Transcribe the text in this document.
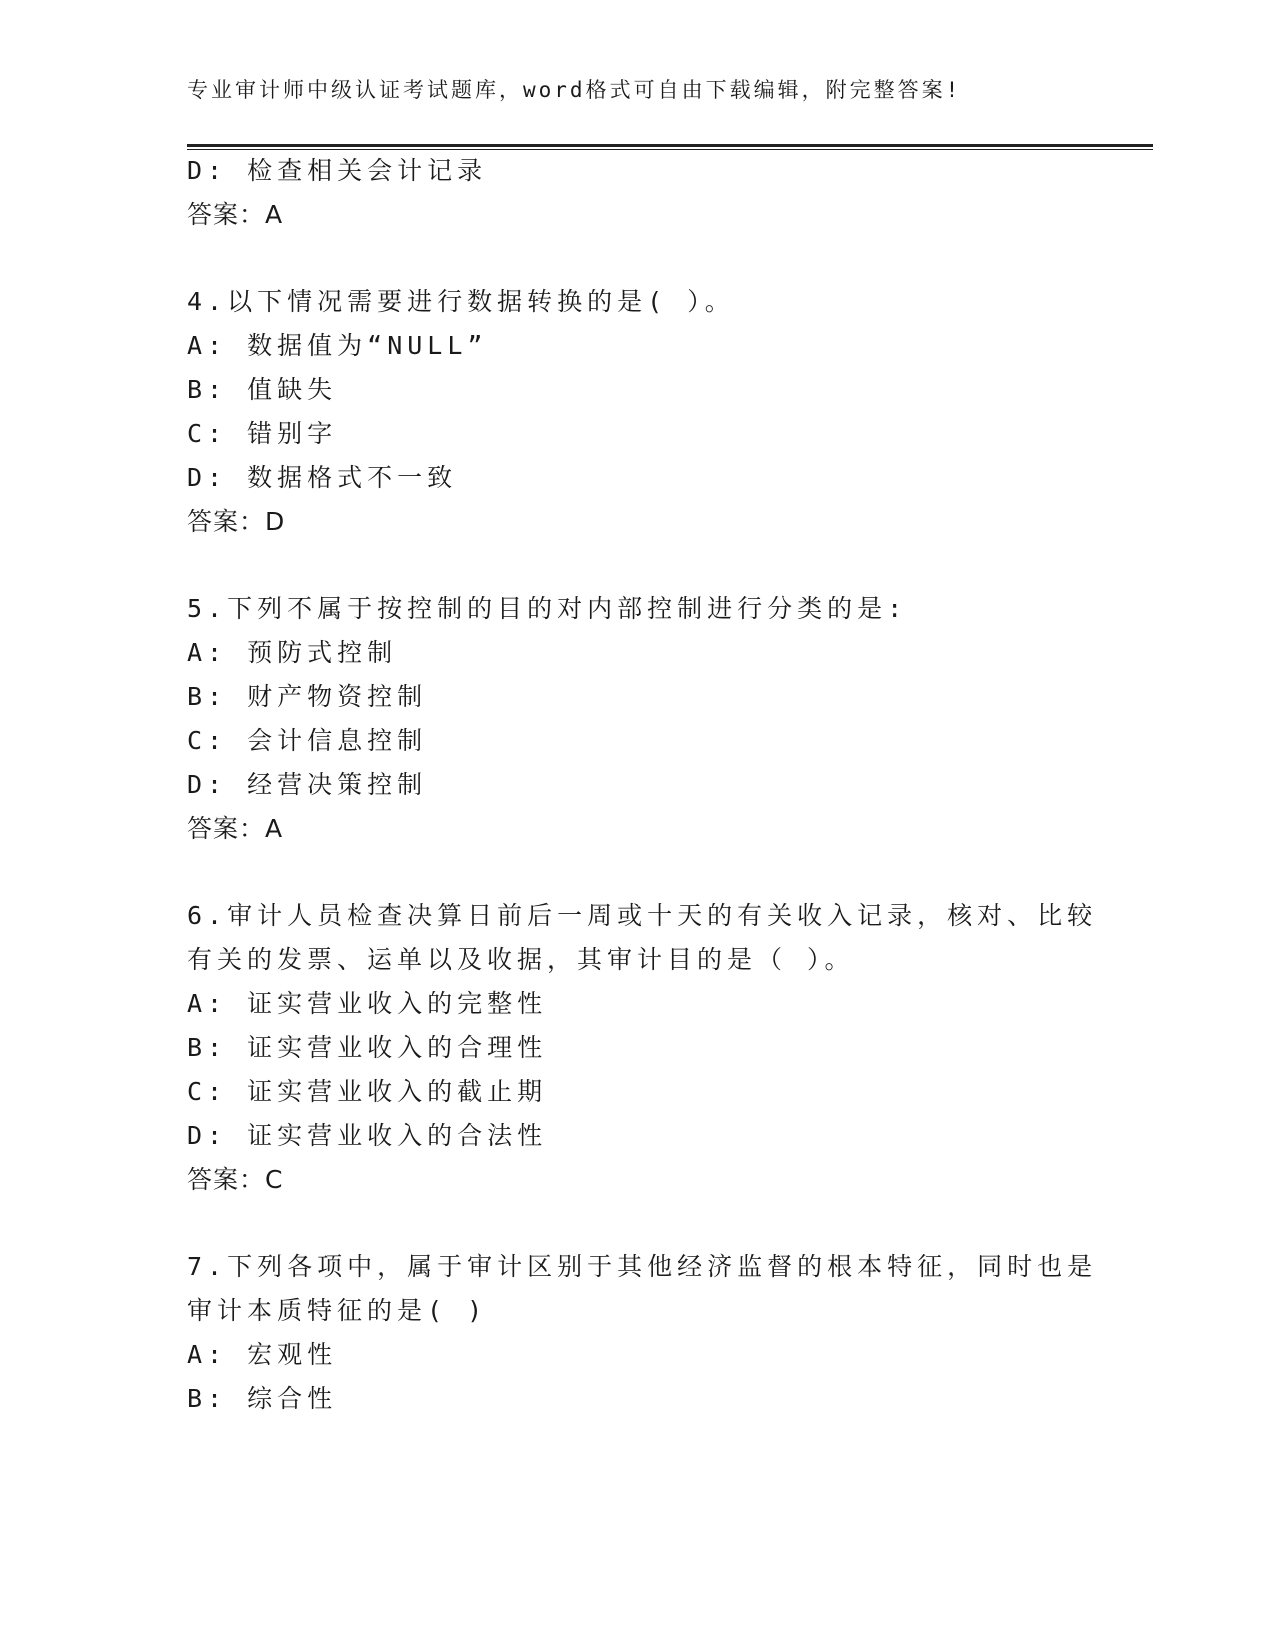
专业审计师中级认证考试题库，word格式可自由下载编辑，附完整答案!
D: 检查相关会计记录
答案：A
4.以下情况需要进行数据转换的是( ）。
A: 数据值为“NULL”
B: 值缺失
C: 错别字
D: 数据格式不一致
答案：D
5.下列不属于按控制的目的对内部控制进行分类的是:
A: 预防式控制
B: 财产物资控制
C: 会计信息控制
D: 经营决策控制
答案：A
6.审计人员检查决算日前后一周或十天的有关收入记录，核对、比较
有关的发票、运单以及收据，其审计目的是（ ）。
A: 证实营业收入的完整性
B: 证实营业收入的合理性
C: 证实营业收入的截止期
D: 证实营业收入的合法性
答案：C
7.下列各项中，属于审计区别于其他经济监督的根本特征，同时也是
审计本质特征的是( )
A: 宏观性
B: 综合性
